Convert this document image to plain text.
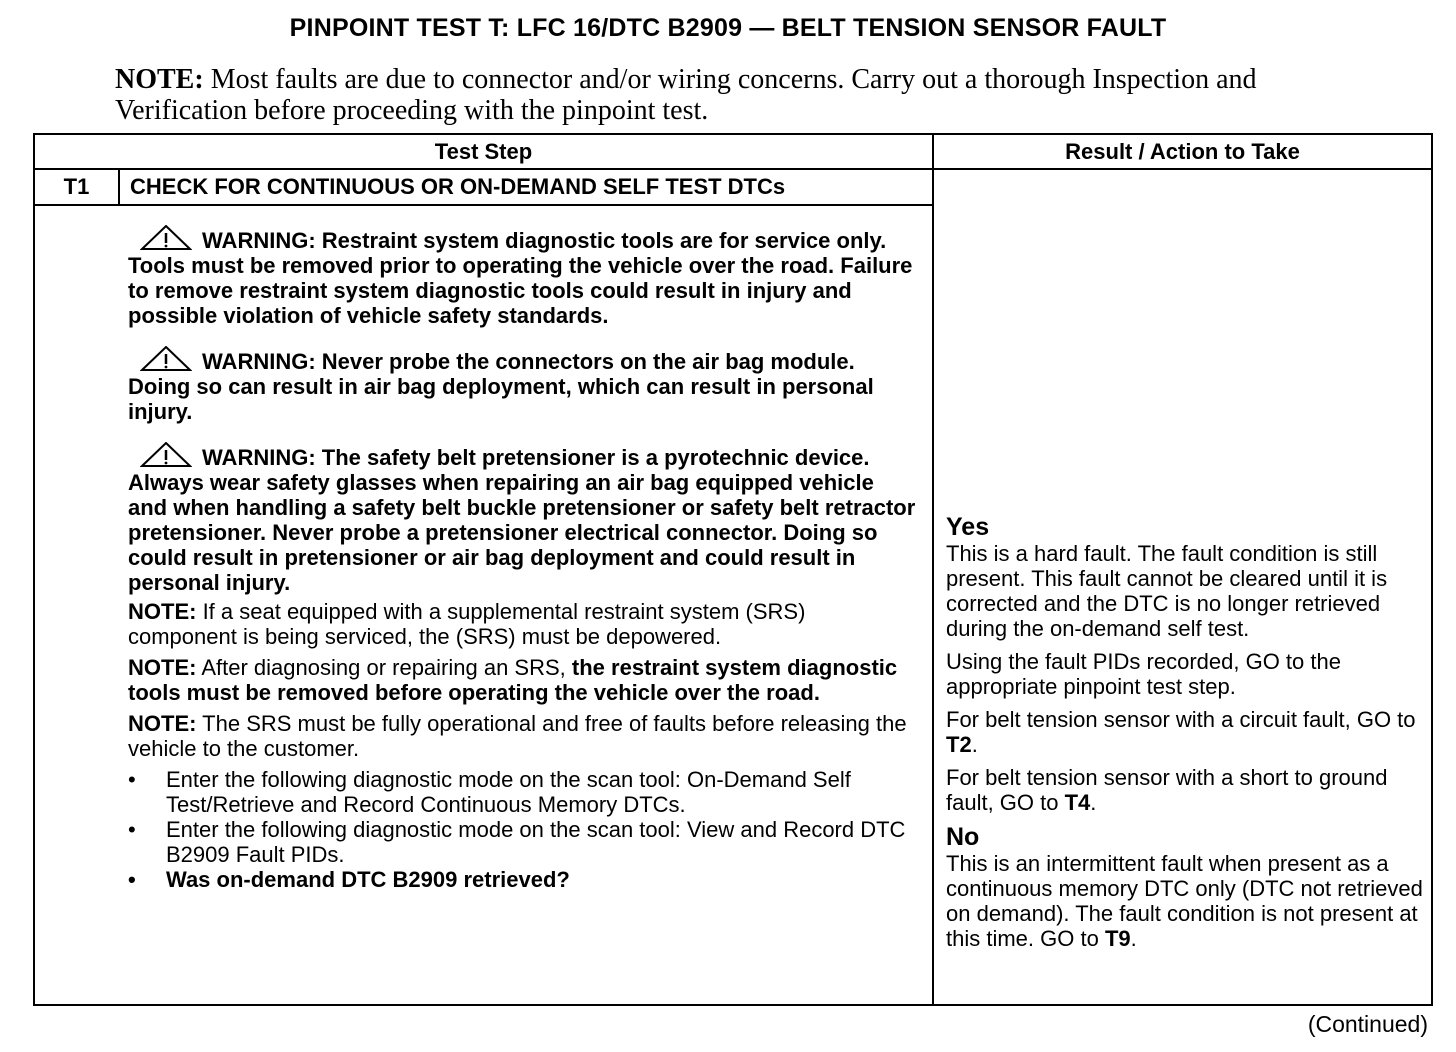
PINPOINT TEST T: LFC 16/DTC B2909 — BELT TENSION SENSOR FAULT
NOTE: Most faults are due to connector and/or wiring concerns. Carry out a thorough Inspection and Verification before proceeding with the pinpoint test.
Test Step	Result / Action to Take
T1	CHECK FOR CONTINUOUS OR ON-DEMAND SELF TEST DTCs
WARNING: Restraint system diagnostic tools are for service only. Tools must be removed prior to operating the vehicle over the road. Failure to remove restraint system diagnostic tools could result in injury and possible violation of vehicle safety standards.
WARNING: Never probe the connectors on the air bag module. Doing so can result in air bag deployment, which can result in personal injury.
WARNING: The safety belt pretensioner is a pyrotechnic device. Always wear safety glasses when repairing an air bag equipped vehicle and when handling a safety belt buckle pretensioner or safety belt retractor pretensioner. Never probe a pretensioner electrical connector. Doing so could result in pretensioner or air bag deployment and could result in personal injury.
NOTE: If a seat equipped with a supplemental restraint system (SRS) component is being serviced, the (SRS) must be depowered.
NOTE: After diagnosing or repairing an SRS, the restraint system diagnostic tools must be removed before operating the vehicle over the road.
NOTE: The SRS must be fully operational and free of faults before releasing the vehicle to the customer.
• Enter the following diagnostic mode on the scan tool: On-Demand Self Test/Retrieve and Record Continuous Memory DTCs.
• Enter the following diagnostic mode on the scan tool: View and Record DTC B2909 Fault PIDs.
• Was on-demand DTC B2909 retrieved?
Yes
This is a hard fault. The fault condition is still present. This fault cannot be cleared until it is corrected and the DTC is no longer retrieved during the on-demand self test.
Using the fault PIDs recorded, GO to the appropriate pinpoint test step.
For belt tension sensor with a circuit fault, GO to T2.
For belt tension sensor with a short to ground fault, GO to T4.
No
This is an intermittent fault when present as a continuous memory DTC only (DTC not retrieved on demand). The fault condition is not present at this time. GO to T9.
(Continued)
